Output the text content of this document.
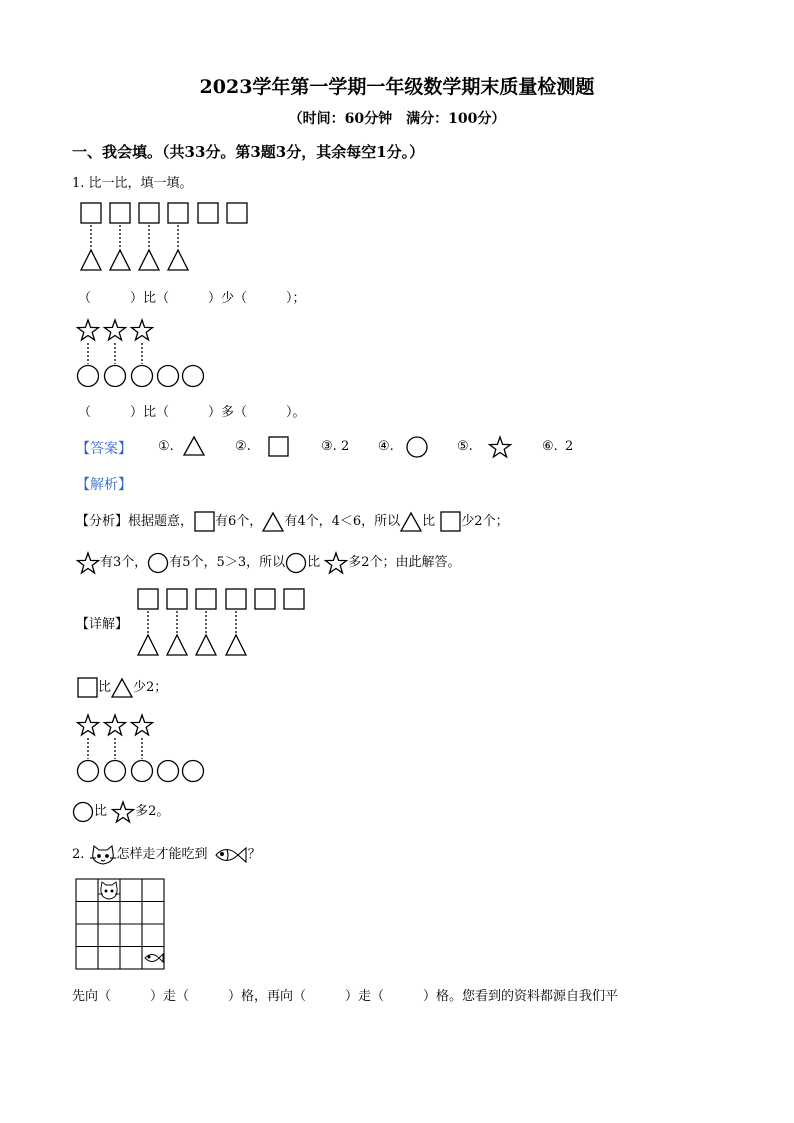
2023学年第一学期一年级数学期末质量检测题
（时间：60分钟　满分：100分）
一、我会填。（共33分。第3题3分，其余每空1分。）
1. 比一比，填一填。
（　　　）比（　　　）少（　　　）；
（　　　）比（　　　）多（　　　）。
【答案】 ①.	②.	③. 2 ④.	⑤.	⑥. 2
【解析】
【分析】根据题意， 有6个， 有4个，4＜6，所以 比 少2个；
有3个， 有5个，5＞3，所以 比 多2个；由此解答。
【详解】
比 少2；
比 多2。
2. 怎样走才能吃到	？
先向（　　　）走（　　　）格，再向（　　　）走（　　　）格。您看到的资料都源自我们平
